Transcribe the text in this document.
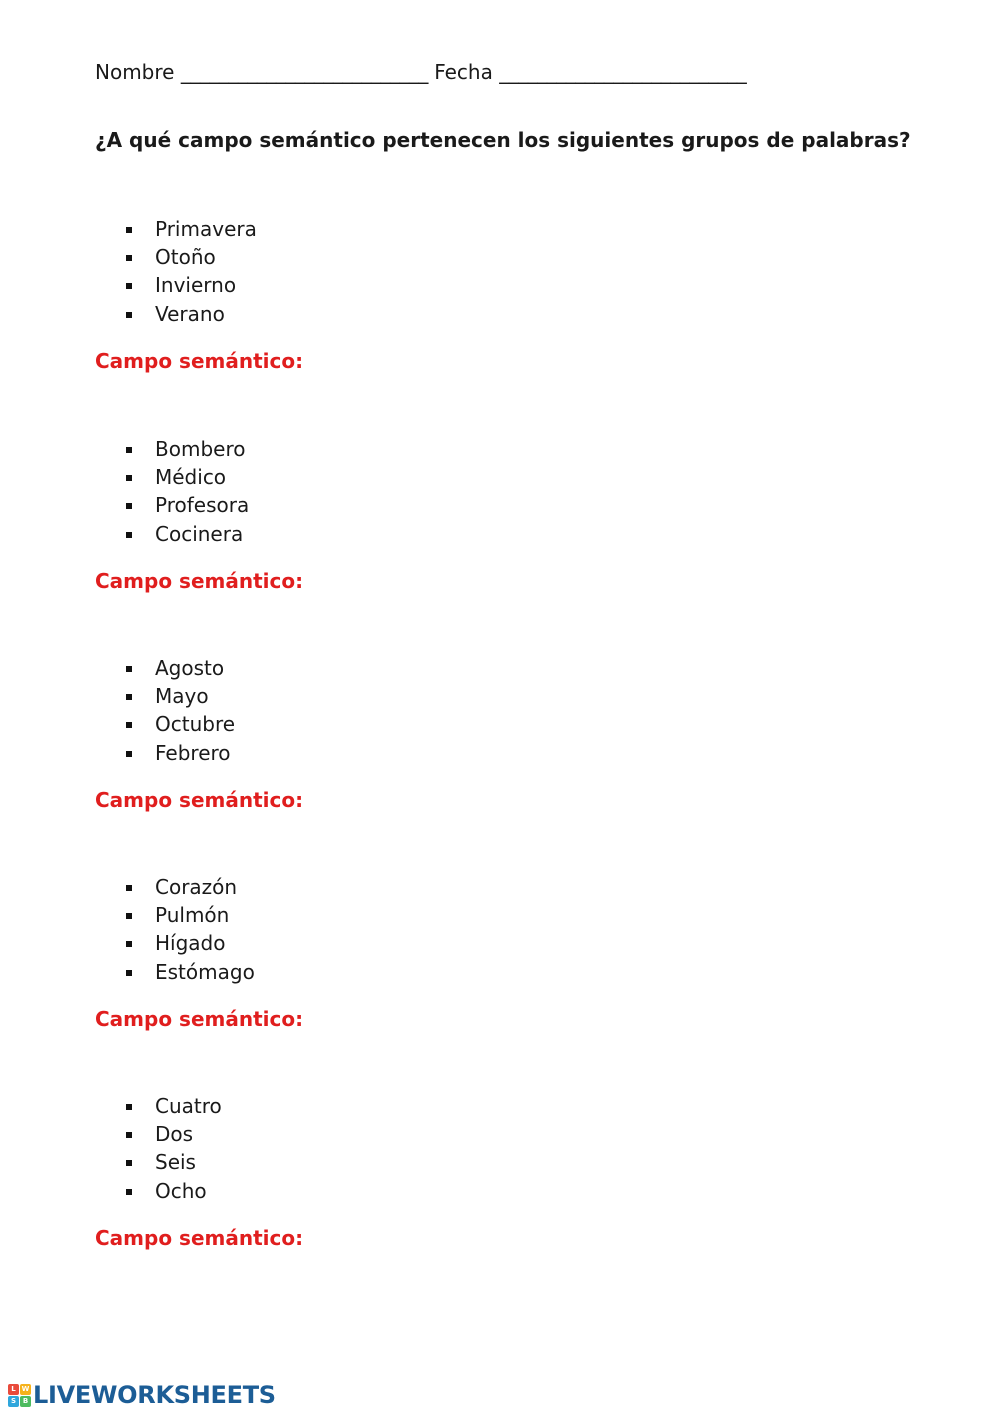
Nombre __________________________ Fecha __________________________
¿A qué campo semántico pertenecen los siguientes grupos de palabras?
Primavera
Otoño
Invierno
Verano
Campo semántico:
Bombero
Médico
Profesora
Cocinera
Campo semántico:
Agosto
Mayo
Octubre
Febrero
Campo semántico:
Corazón
Pulmón
Hígado
Estómago
Campo semántico:
Cuatro
Dos
Seis
Ocho
Campo semántico:
L W
S B LIVEWORKSHEETS
